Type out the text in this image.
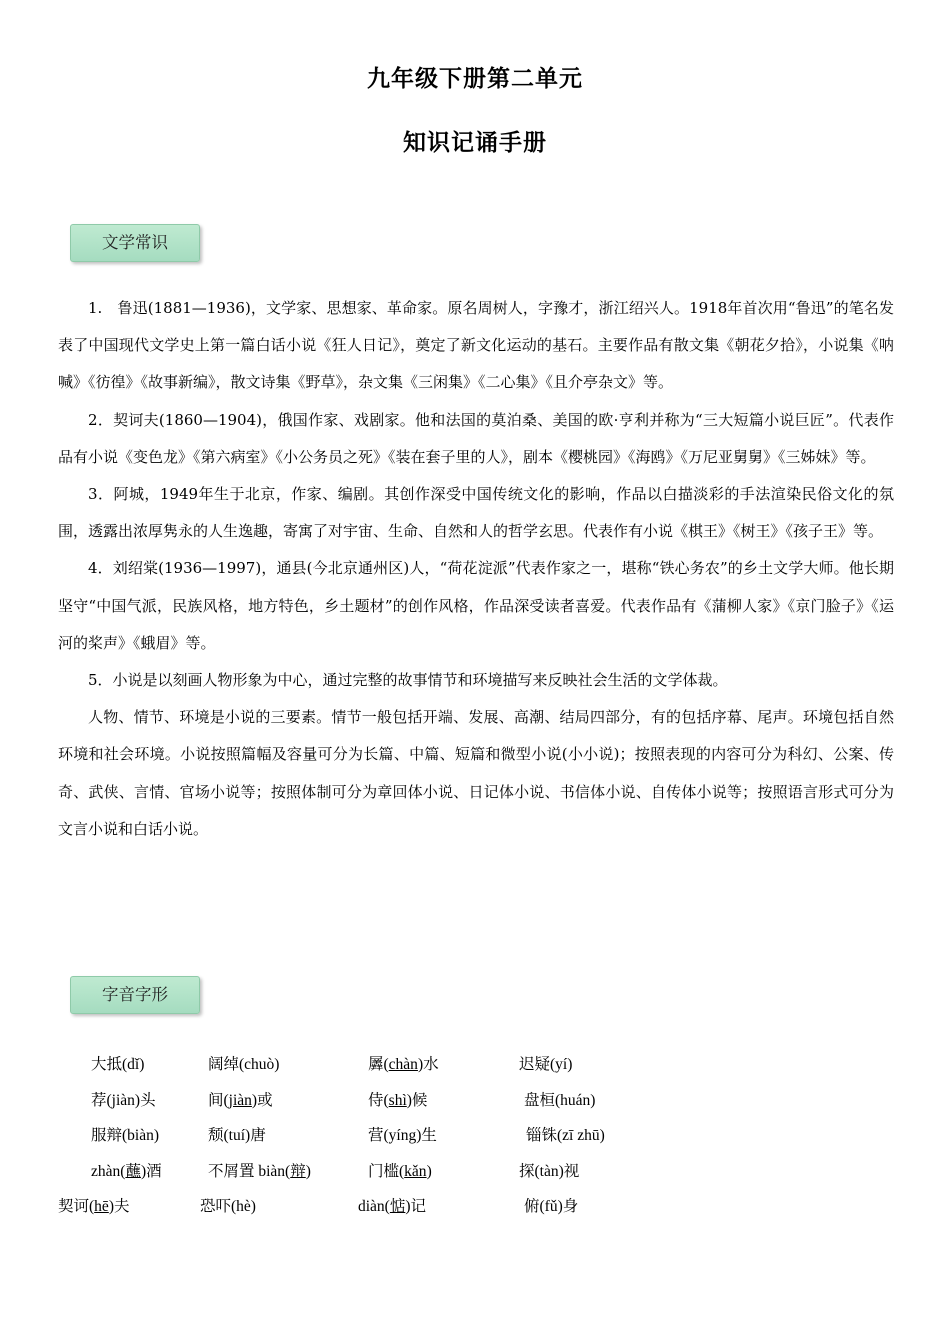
九年级下册第二单元
知识记诵手册
文学常识

1.　鲁迅(1881—1936)，文学家、思想家、革命家。原名周树人，字豫才，浙江绍兴人。1918年首次用“鲁迅”的笔名发表了中国现代文学史上第一篇白话小说《狂人日记》，奠定了新文化运动的基石。主要作品有散文集《朝花夕拾》，小说集《呐喊》《彷徨》《故事新编》，散文诗集《野草》，杂文集《三闲集》《二心集》《且介亭杂文》等。

2．契诃夫(1860—1904)，俄国作家、戏剧家。他和法国的莫泊桑、美国的欧·亨利并称为“三大短篇小说巨匠”。代表作品有小说《变色龙》《第六病室》《小公务员之死》《装在套子里的人》，剧本《樱桃园》《海鸥》《万尼亚舅舅》《三姊妹》等。

3．阿城，1949年生于北京，作家、编剧。其创作深受中国传统文化的影响，作品以白描淡彩的手法渲染民俗文化的氛围，透露出浓厚隽永的人生逸趣，寄寓了对宇宙、生命、自然和人的哲学玄思。代表作有小说《棋王》《树王》《孩子王》等。

4．刘绍棠(1936—1997)，通县(今北京通州区)人，“荷花淀派”代表作家之一，堪称“铁心务农”的乡土文学大师。他长期坚守“中国气派，民族风格，地方特色，乡土题材”的创作风格，作品深受读者喜爱。代表作品有《蒲柳人家》《京门脸子》《运河的桨声》《蛾眉》等。

5．小说是以刻画人物形象为中心，通过完整的故事情节和环境描写来反映社会生活的文学体裁。

人物、情节、环境是小说的三要素。情节一般包括开端、发展、高潮、结局四部分，有的包括序幕、尾声。环境包括自然环境和社会环境。小说按照篇幅及容量可分为长篇、中篇、短篇和微型小说(小小说)；按照表现的内容可分为科幻、公案、传奇、武侠、言情、官场小说等；按照体制可分为章回体小说、日记体小说、书信体小说、自传体小说等；按照语言形式可分为文言小说和白话小说。

字音字形
大抵(dǐ)	阔绰(chuò)	羼(chàn)水	迟疑(yí)
荐(jiàn)头	间(jiàn)或	侍(shì)候	盘桓(huán)
服辩(biàn)	颓(tuí)唐	营(yíng)生	锱铢(zī zhū)
zhàn(蘸)酒	不屑置 biàn(辩)	门槛(kǎn)	探(tàn)视
契诃(hē)夫	恐吓(hè)	diàn(惦)记	俯(fǔ)身
